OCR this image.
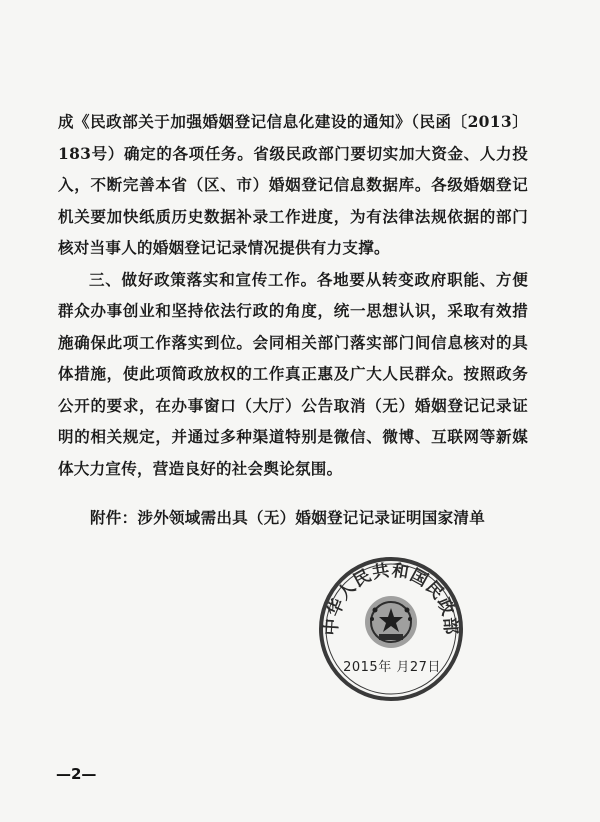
成《民政部关于加强婚姻登记信息化建设的通知》（民函〔2013〕183号）确定的各项任务。省级民政部门要切实加大资金、人力投入，不断完善本省（区、市）婚姻登记信息数据库。各级婚姻登记机关要加快纸质历史数据补录工作进度，为有法律法规依据的部门核对当事人的婚姻登记记录情况提供有力支撑。

三、做好政策落实和宣传工作。各地要从转变政府职能、方便群众办事创业和坚持依法行政的角度，统一思想认识，采取有效措施确保此项工作落实到位。会同相关部门落实部门间信息核对的具体措施，使此项简政放权的工作真正惠及广大人民群众。按照政务公开的要求，在办事窗口（大厅）公告取消（无）婚姻登记记录证明的相关规定，并通过多种渠道特别是微信、微博、互联网等新媒体大力宣传，营造良好的社会舆论氛围。

附件：涉外领域需出具（无）婚姻登记记录证明国家清单
中华人民共和国民政部
2015年 月27日
—2—
